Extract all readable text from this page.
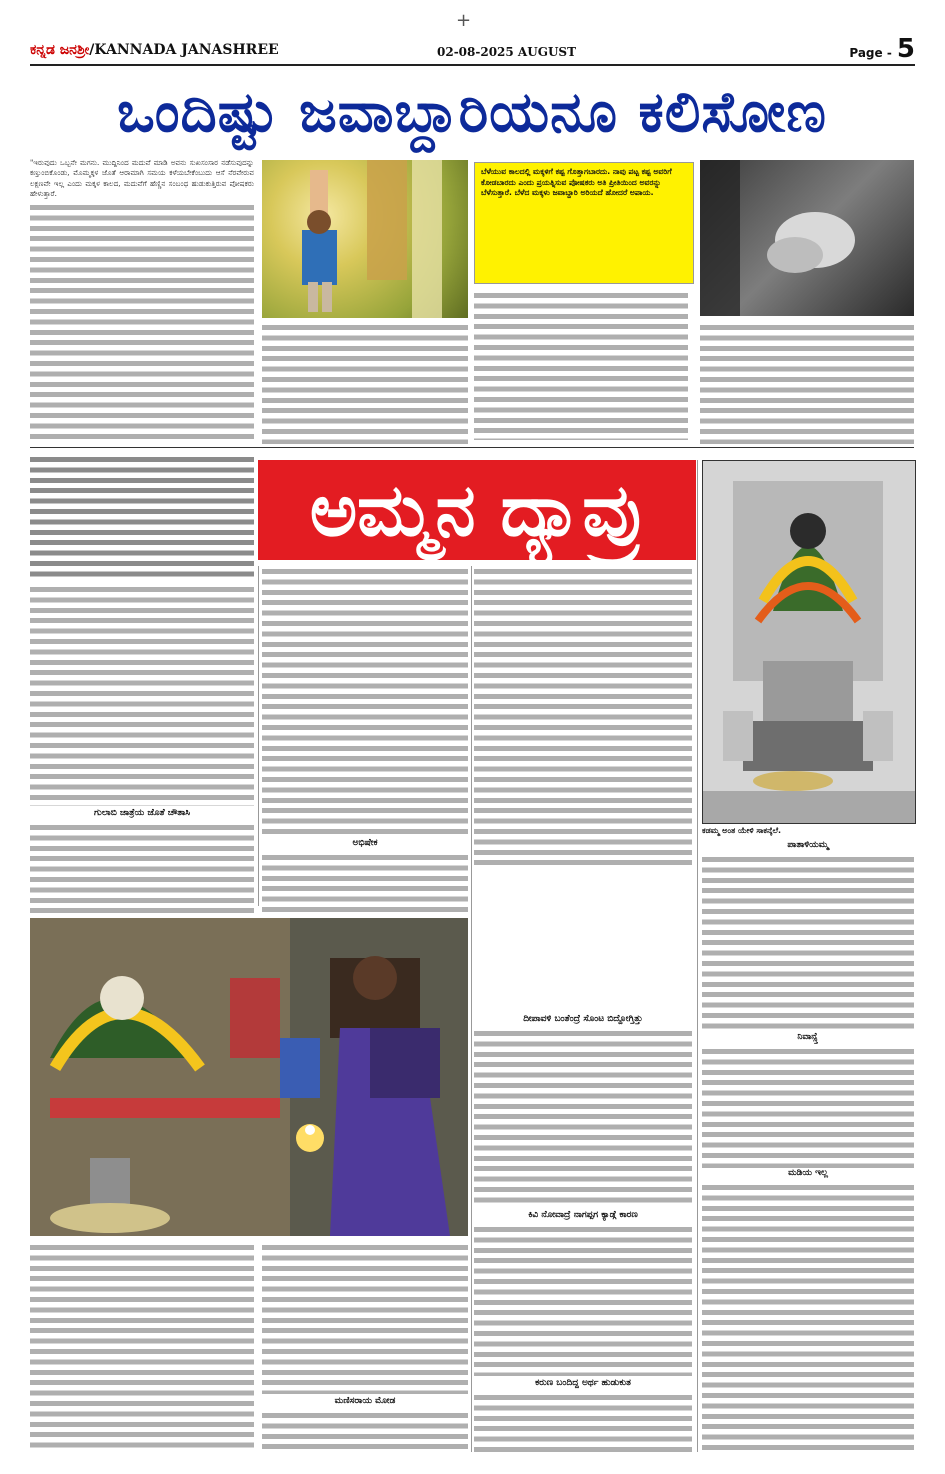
+
ಕನ್ನಡ ಜನಶ್ರೀ/KANNADA JANASHREE	02-08-2025 AUGUST	Page - 5
ಒಂದಿಷ್ಟು ಜವಾಬ್ದಾರಿಯನೂ ಕಲಿಸೋಣ
"ಇರುವುದು ಒಬ್ಬನೇ ಮಗನು. ಮುದ್ದಿನಿಂದ ಮದುವೆ ಮಾಡಿ ಅವನು ಸುಖಸಂಸಾರ ನಡೆಸುವುದನ್ನು ಕಣ್ತುಂಬಿಕೊಂಡು, ಮೊಮ್ಮಕ್ಕಳ ಜೊತೆ ಆರಾಮಾಗಿ ಸಮಯ ಕಳೆಯಬೇಕೆಂಬುದು ಆಸೆ ನೆರವೇರುವ ಲಕ್ಷಣವೇ ಇಲ್ಲ ಎಂದು ಮಕ್ಕಳ ಕಾಲದ, ಮದುವೆಗೆ ಹೆಣ್ಣಿನ ಸಂಬಂಧ ಹುಡುಕುತ್ತಿರುವ ಪೋಷಕರು ಹೇಳುತ್ತಾರೆ.
ಬೆಳೆಯುವ ಕಾಲದಲ್ಲಿ ಮಕ್ಕಳಿಗೆ ಕಷ್ಟ ಗೊತ್ತಾಗಬಾರದು. ನಾವು ಪಟ್ಟ ಕಷ್ಟ ಅವರಿಗೆ ಕೋಡಬಾರದು ಎಂದು ಪ್ರಯತ್ನಿಸುವ ಪೋಷಕರು ಅತಿ ಪ್ರೀತಿಯಿಂದ ಅವರನ್ನು ಬೆಳೆಸುತ್ತಾರೆ. ಬೆಳೆದ ಮಕ್ಕಳು ಜವಾಬ್ದಾರಿ ಅರಿಯದೆ ಹೋದರೆ ಅಪಾಯ.
ಗುಲಾಬಿ ಜಾತ್ರೆಯ ಜೊತೆ ಚೌತಾಸಿ
ಅಮ್ಮನ ದ್ಯಾವ್ರು
ಅಭಿಷೇಕ
ದೀಪಾವಳಿ ಬಂತೆಂದ್ರೆ ಸೊಂಟ ಬಿದ್ದೋಗ್ತಿತ್ತು
ಕಡಮ್ಮ ಅಂತ ಯೇಳಿ ಸಾಕನ್ಕೆಲೆ.
ಪಾತಾಳಿಯಮ್ಮ
ನಿವಾನ್ಸ್ತೆ
ಮಡಿಯ ಇಲ್ಲ
ಮಣಿಸರಾಯ ಮೋಡ
ಕಿವಿ ನೋವಾದ್ರೆ ನಾಗಪ್ಪಗ ಕ್ಯಾಡ್ಗೆ ಕಾರಣ
ಕರುಣ ಬಂದಿದ್ದ ಅರ್ಥ ಹುಡುಕುತ
